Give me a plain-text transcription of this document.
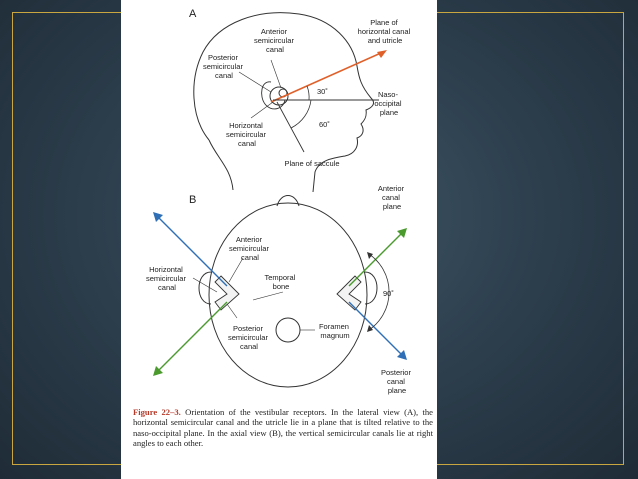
A
Plane of horizontal canal and utricle
Anterior semicircular canal
Posterior semicircular canal
30˚	Naso- occipital plane
60˚
Horizontal semicircular canal
Plane of saccule
B
Anterior canal plane
Anterior semicircular canal
Horizontal semicircular canal
Temporal bone
90˚
Posterior semicircular canal
Foramen magnum
Posterior canal plane
Figure 22–3. Orientation of the vestibular receptors. In the lateral view (A), the horizontal semicircular canal and the utricle lie in a plane that is tilted relative to the naso-occipital plane. In the axial view (B), the vertical semicircular canals lie at right angles to each other.
